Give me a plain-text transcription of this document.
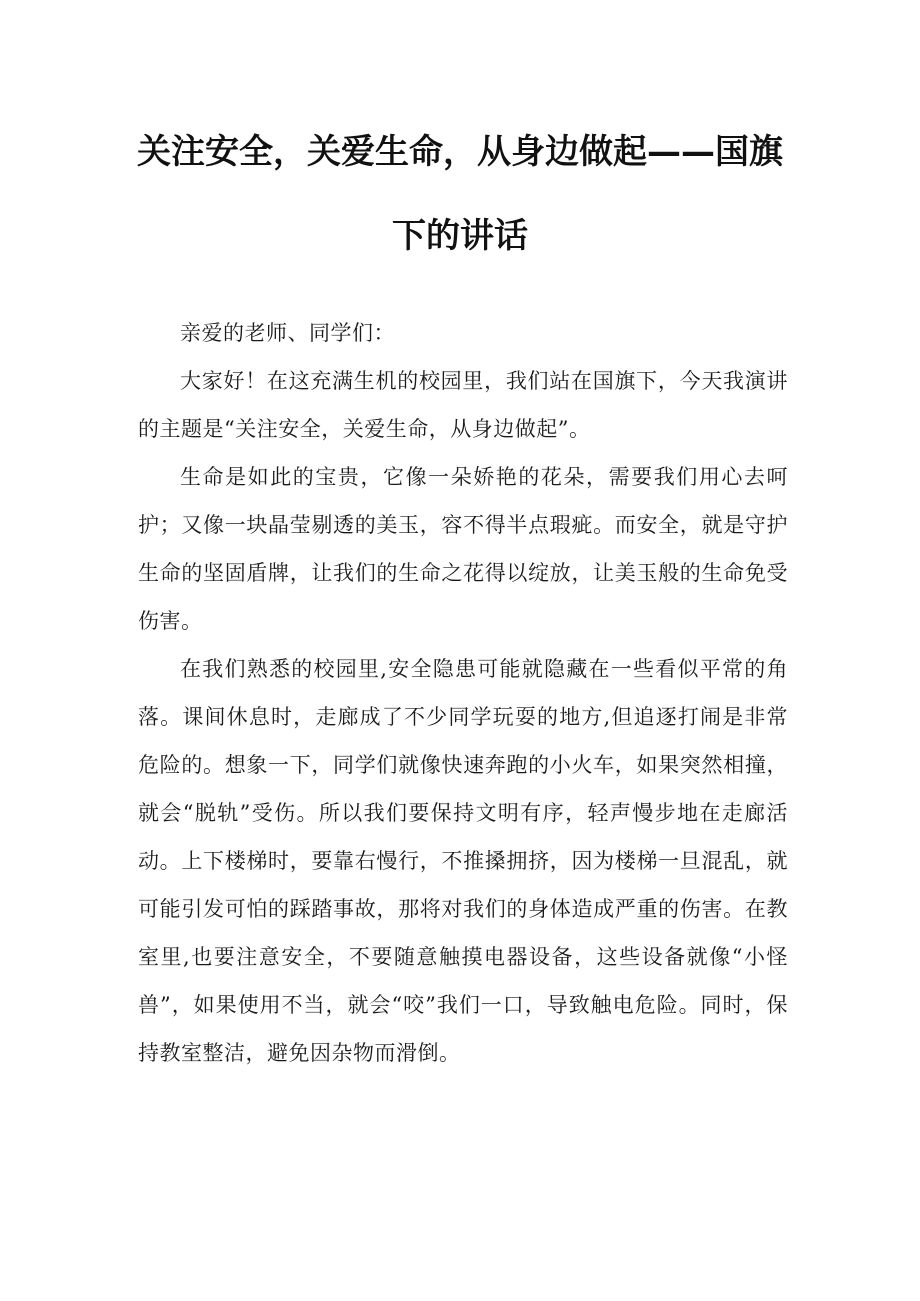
关注安全，关爱生命，从身边做起——国旗
下的讲话

亲爱的老师、同学们：

大家好！在这充满生机的校园里，我们站在国旗下，今天我演讲的主题是“关注安全，关爱生命，从身边做起”。

生命是如此的宝贵，它像一朵娇艳的花朵，需要我们用心去呵护；又像一块晶莹剔透的美玉，容不得半点瑕疵。而安全，就是守护生命的坚固盾牌，让我们的生命之花得以绽放，让美玉般的生命免受伤害。

在我们熟悉的校园里,安全隐患可能就隐藏在一些看似平常的角落。课间休息时，走廊成了不少同学玩耍的地方,但追逐打闹是非常危险的。想象一下，同学们就像快速奔跑的小火车，如果突然相撞，就会“脱轨”受伤。所以我们要保持文明有序，轻声慢步地在走廊活动。上下楼梯时，要靠右慢行，不推搡拥挤，因为楼梯一旦混乱，就可能引发可怕的踩踏事故，那将对我们的身体造成严重的伤害。在教室里,也要注意安全，不要随意触摸电器设备，这些设备就像“小怪兽”，如果使用不当，就会“咬”我们一口，导致触电危险。同时，保持教室整洁，避免因杂物而滑倒。
